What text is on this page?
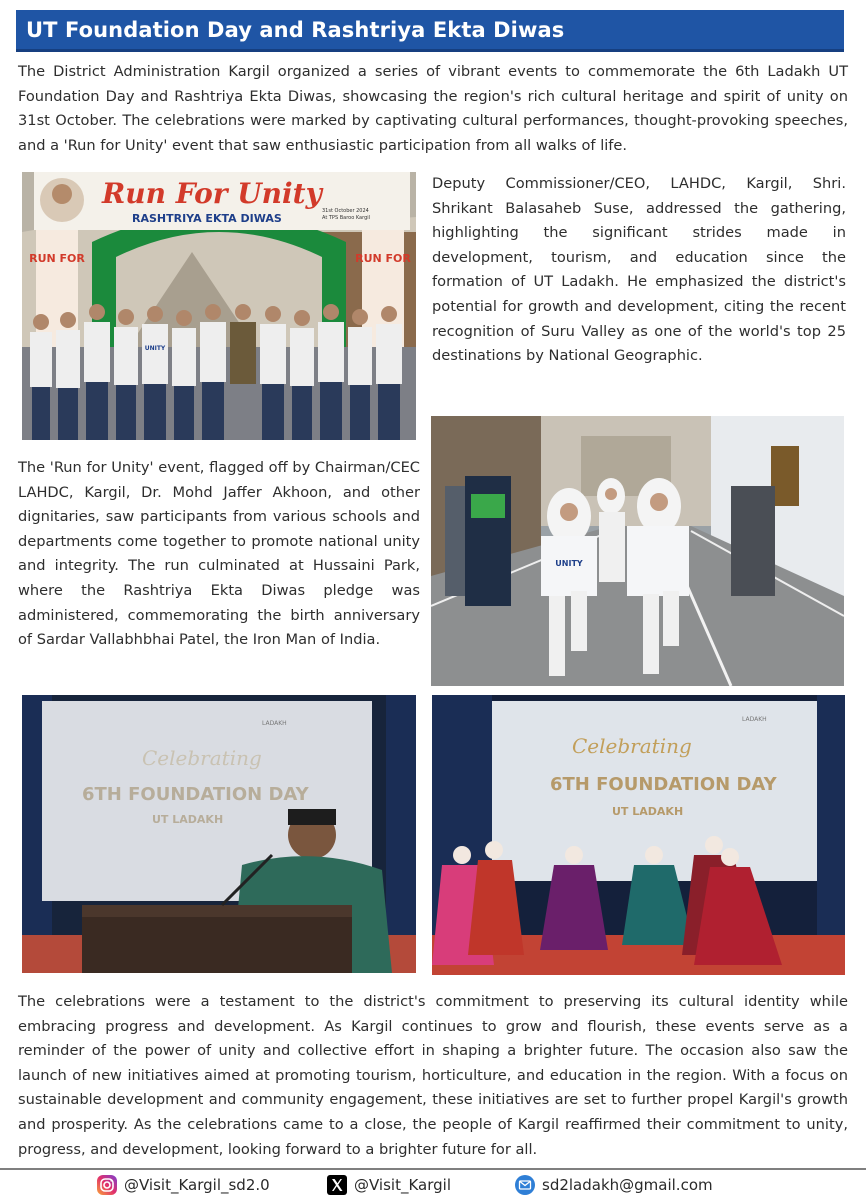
UT Foundation Day and Rashtriya Ekta Diwas

The District Administration Kargil organized a series of vibrant events to commemorate the 6th Ladakh UT Foundation Day and Rashtriya Ekta Diwas, showcasing the region's rich cultural heritage and spirit of unity on 31st October. The celebrations were marked by captivating cultural performances, thought-provoking speeches, and a 'Run for Unity' event that saw enthusiastic participation from all walks of life.

Run For Unity
RASHTRIYA EKTA DIWAS
31st October 2024
At TPS Baroo Kargil
RUN FOR	RUN FOR
UNITY

Deputy Commissioner/CEO, LAHDC, Kargil, Shri. Shrikant Balasaheb Suse, addressed the gathering, highlighting the significant strides made in development, tourism, and education since the formation of UT Ladakh. He emphasized the district's potential for growth and development, citing the recent recognition of Suru Valley as one of the world's top 25 destinations by National Geographic.

UNITY

The 'Run for Unity' event, flagged off by Chairman/CEC LAHDC, Kargil, Dr. Mohd Jaffer Akhoon, and other dignitaries, saw participants from various schools and departments come together to promote national unity and integrity. The run culminated at Hussaini Park, where the Rashtriya Ekta Diwas pledge was administered, commemorating the birth anniversary of Sardar Vallabhbhai Patel, the Iron Man of India.

Celebrating
6TH FOUNDATION DAY
UT LADAKH
LADAKH
Celebrating
6TH FOUNDATION DAY
UT LADAKH
LADAKH

The celebrations were a testament to the district's commitment to preserving its cultural identity while embracing progress and development. As Kargil continues to grow and flourish, these events serve as a reminder of the power of unity and collective effort in shaping a brighter future. The occasion also saw the launch of new initiatives aimed at promoting tourism, horticulture, and education in the region. With a focus on sustainable development and community engagement, these initiatives are set to further propel Kargil's growth and prosperity. As the celebrations came to a close, the people of Kargil reaffirmed their commitment to unity, progress, and development, looking forward to a brighter future for all.

@Visit_Kargil_sd2.0	@Visit_Kargil	sd2ladakh@gmail.com
